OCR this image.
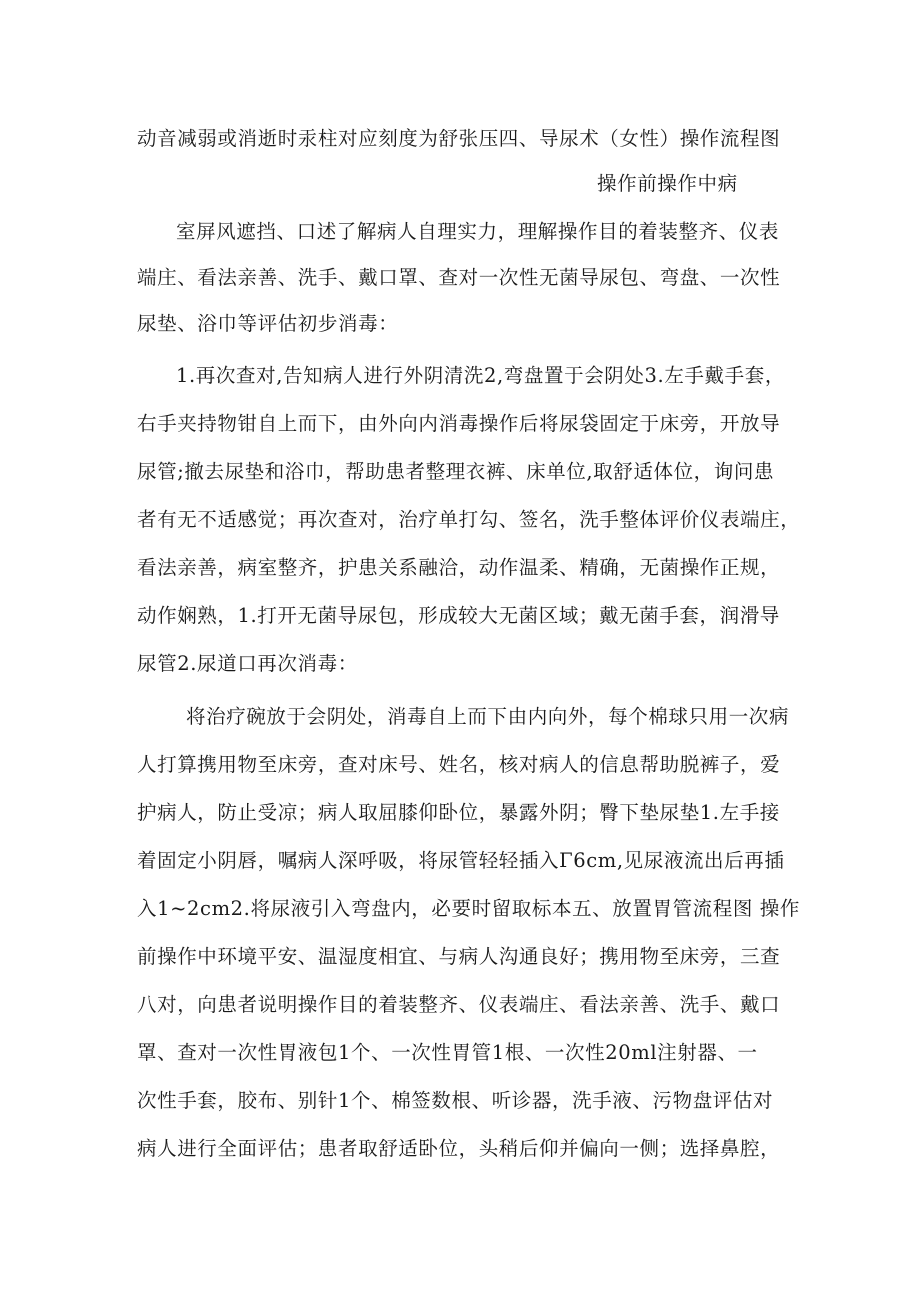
动音减弱或消逝时汞柱对应刻度为舒张压四、导尿术（女性）操作流程图
操作前操作中病
室屏风遮挡、口述了解病人自理实力，理解操作目的着装整齐、仪表
端庄、看法亲善、洗手、戴口罩、查对一次性无菌导尿包、弯盘、一次性
尿垫、浴巾等评估初步消毒：
1.再次查对,告知病人进行外阴清洗2,弯盘置于会阴处3.左手戴手套，
右手夹持物钳自上而下，由外向内消毒操作后将尿袋固定于床旁，开放导
尿管;撤去尿垫和浴巾，帮助患者整理衣裤、床单位,取舒适体位，询问患
者有无不适感觉；再次查对，治疗单打勾、签名，洗手整体评价仪表端庄，
看法亲善，病室整齐，护患关系融洽，动作温柔、精确，无菌操作正规，
动作娴熟，1.打开无菌导尿包，形成较大无菌区域；戴无菌手套，润滑导
尿管2.尿道口再次消毒：
将治疗碗放于会阴处，消毒自上而下由内向外，每个棉球只用一次病
人打算携用物至床旁，查对床号、姓名，核对病人的信息帮助脱裤子，爱
护病人，防止受凉；病人取屈膝仰卧位，暴露外阴；臀下垫尿垫1.左手接
着固定小阴唇，嘱病人深呼吸，将尿管轻轻插入Γ6cm,见尿液流出后再插
入1~2cm2.将尿液引入弯盘内，必要时留取标本五、放置胃管流程图 操作
前操作中环境平安、温湿度相宜、与病人沟通良好；携用物至床旁，三查
八对，向患者说明操作目的着装整齐、仪表端庄、看法亲善、洗手、戴口
罩、查对一次性胃液包1个、一次性胃管1根、一次性20ml注射器、一
次性手套，胶布、别针1个、棉签数根、听诊器，洗手液、污物盘评估对
病人进行全面评估；患者取舒适卧位，头稍后仰并偏向一侧；选择鼻腔，
